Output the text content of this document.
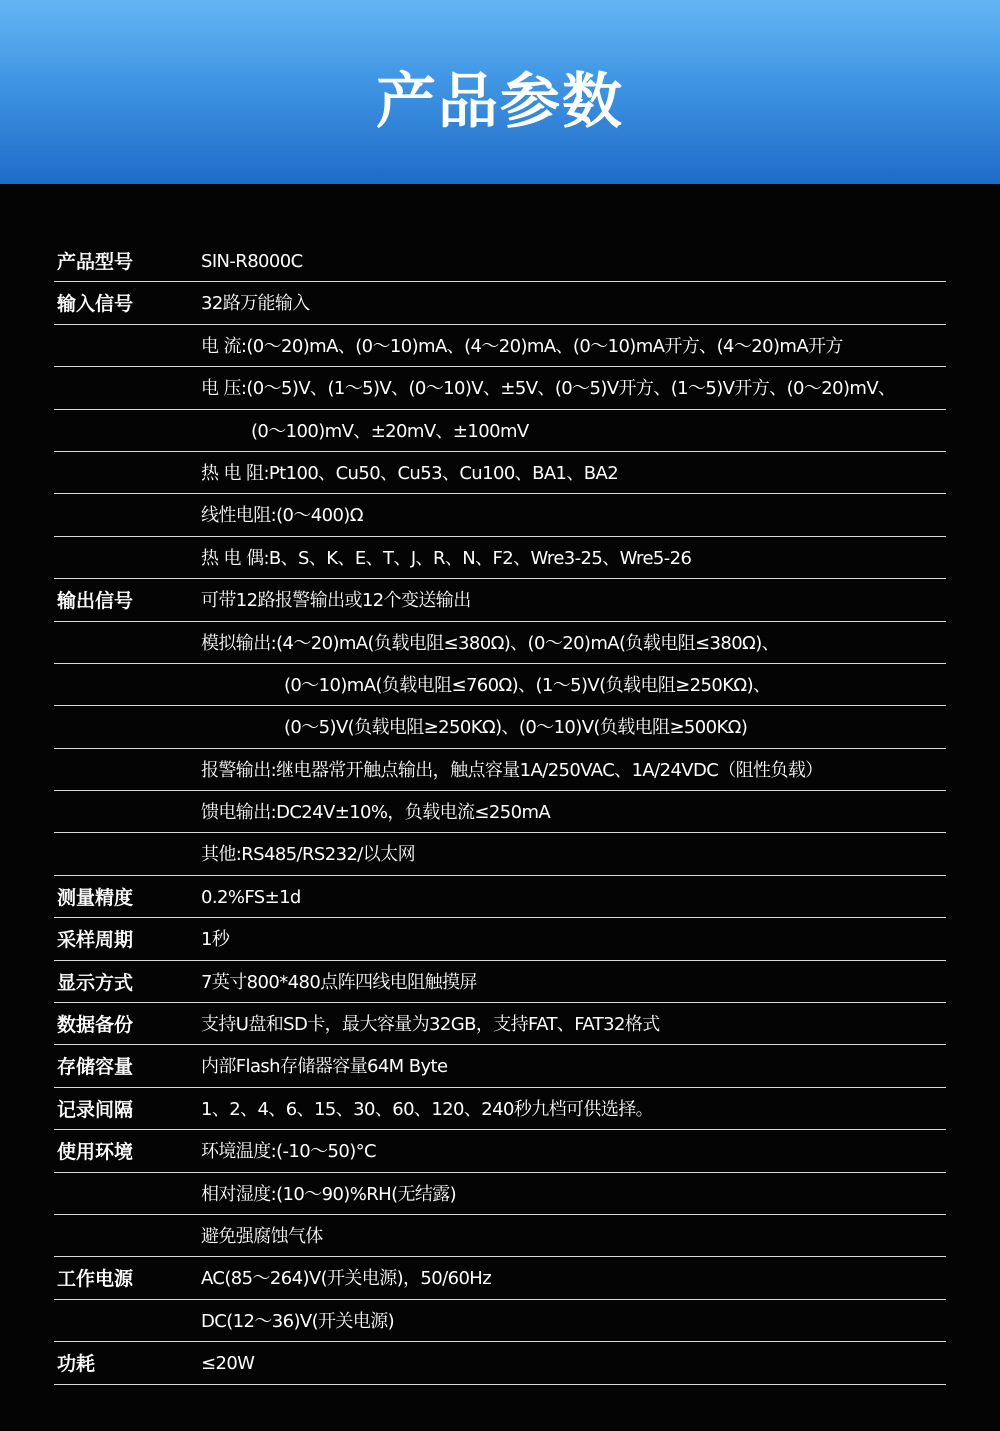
产品参数
产品型号	SIN-R8000C
输入信号	32路万能输入
电 流:(0～20)mA、(0～10)mA、(4～20)mA、(0～10)mA开方、(4～20)mA开方
电 压:(0～5)V、(1～5)V、(0～10)V、±5V、(0～5)V开方、(1～5)V开方、(0～20)mV、
(0～100)mV、±20mV、±100mV
热 电 阻:Pt100、Cu50、Cu53、Cu100、BA1、BA2
线性电阻:(0～400)Ω
热 电 偶:B、S、K、E、T、J、R、N、F2、Wre3-25、Wre5-26
输出信号	可带12路报警输出或12个变送输出
模拟输出:(4～20)mA(负载电阻≤380Ω)、(0～20)mA(负载电阻≤380Ω)、
(0～10)mA(负载电阻≤760Ω)、(1～5)V(负载电阻≥250KΩ)、
(0～5)V(负载电阻≥250KΩ)、(0～10)V(负载电阻≥500KΩ)
报警输出:继电器常开触点输出，触点容量1A/250VAC、1A/24VDC（阻性负载）
馈电输出:DC24V±10%，负载电流≤250mA
其他:RS485/RS232/以太网
测量精度	0.2%FS±1d
采样周期	1秒
显示方式	7英寸800*480点阵四线电阻触摸屏
数据备份	支持U盘和SD卡，最大容量为32GB，支持FAT、FAT32格式
存储容量	内部Flash存储器容量64M Byte
记录间隔	1、2、4、6、15、30、60、120、240秒九档可供选择。
使用环境	环境温度:(-10～50)°C
相对湿度:(10～90)%RH(无结露)
避免强腐蚀气体
工作电源	AC(85～264)V(开关电源)，50/60Hz
DC(12～36)V(开关电源)
功耗	≤20W
